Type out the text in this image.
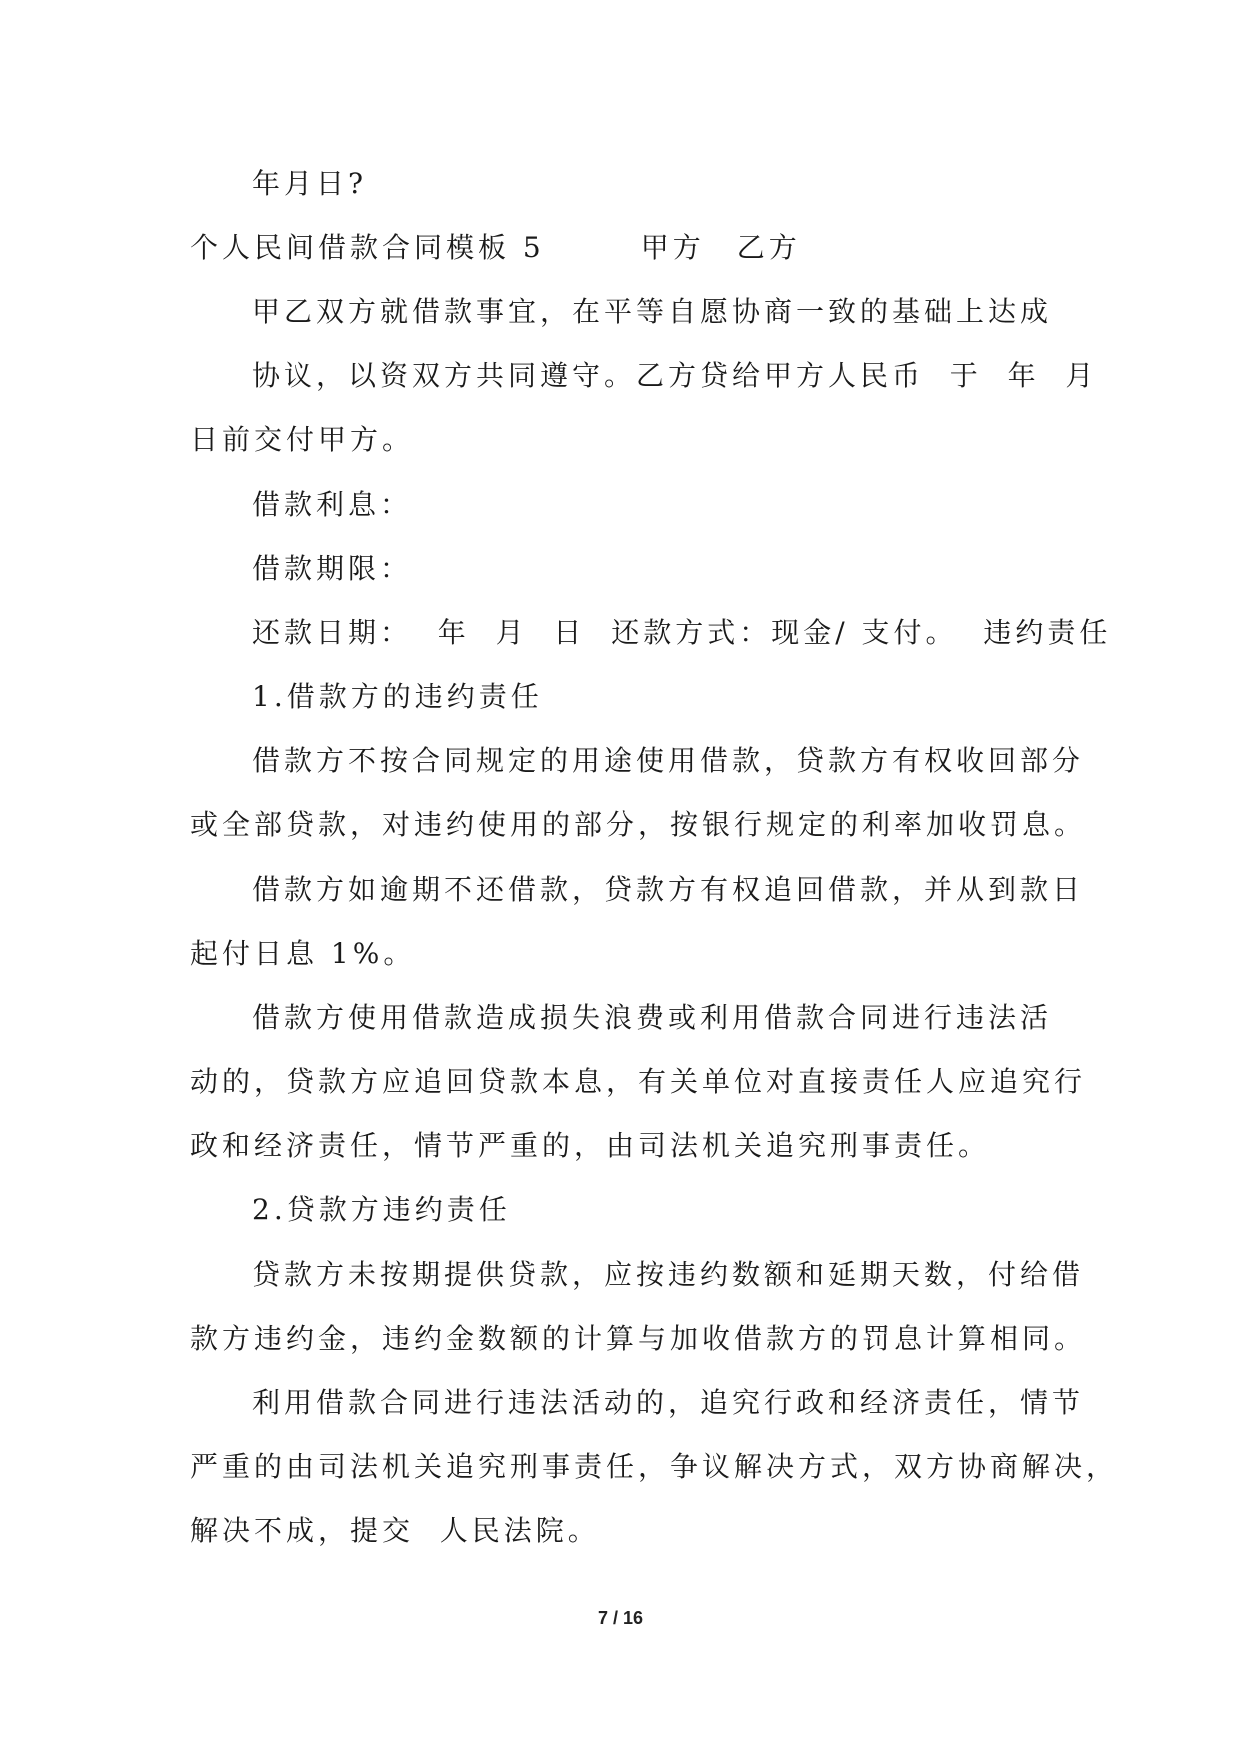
年月日?

个人民间借款合同模板 5　　　甲方　乙方

甲乙双方就借款事宜，在平等自愿协商一致的基础上达成

协议，以资双方共同遵守。乙方贷给甲方人民币  于  年  月

日前交付甲方。

借款利息：

借款期限：

还款日期：  年  月  日  还款方式：现金/ 支付。  违约责任

1.借款方的违约责任

借款方不按合同规定的用途使用借款，贷款方有权收回部分

或全部贷款，对违约使用的部分，按银行规定的利率加收罚息。

借款方如逾期不还借款，贷款方有权追回借款，并从到款日

起付日息 1%。

借款方使用借款造成损失浪费或利用借款合同进行违法活

动的，贷款方应追回贷款本息，有关单位对直接责任人应追究行

政和经济责任，情节严重的，由司法机关追究刑事责任。

2.贷款方违约责任

贷款方未按期提供贷款，应按违约数额和延期天数，付给借

款方违约金，违约金数额的计算与加收借款方的罚息计算相同。

利用借款合同进行违法活动的，追究行政和经济责任，情节

严重的由司法机关追究刑事责任，争议解决方式，双方协商解决，

解决不成，提交  人民法院。

7 / 16
